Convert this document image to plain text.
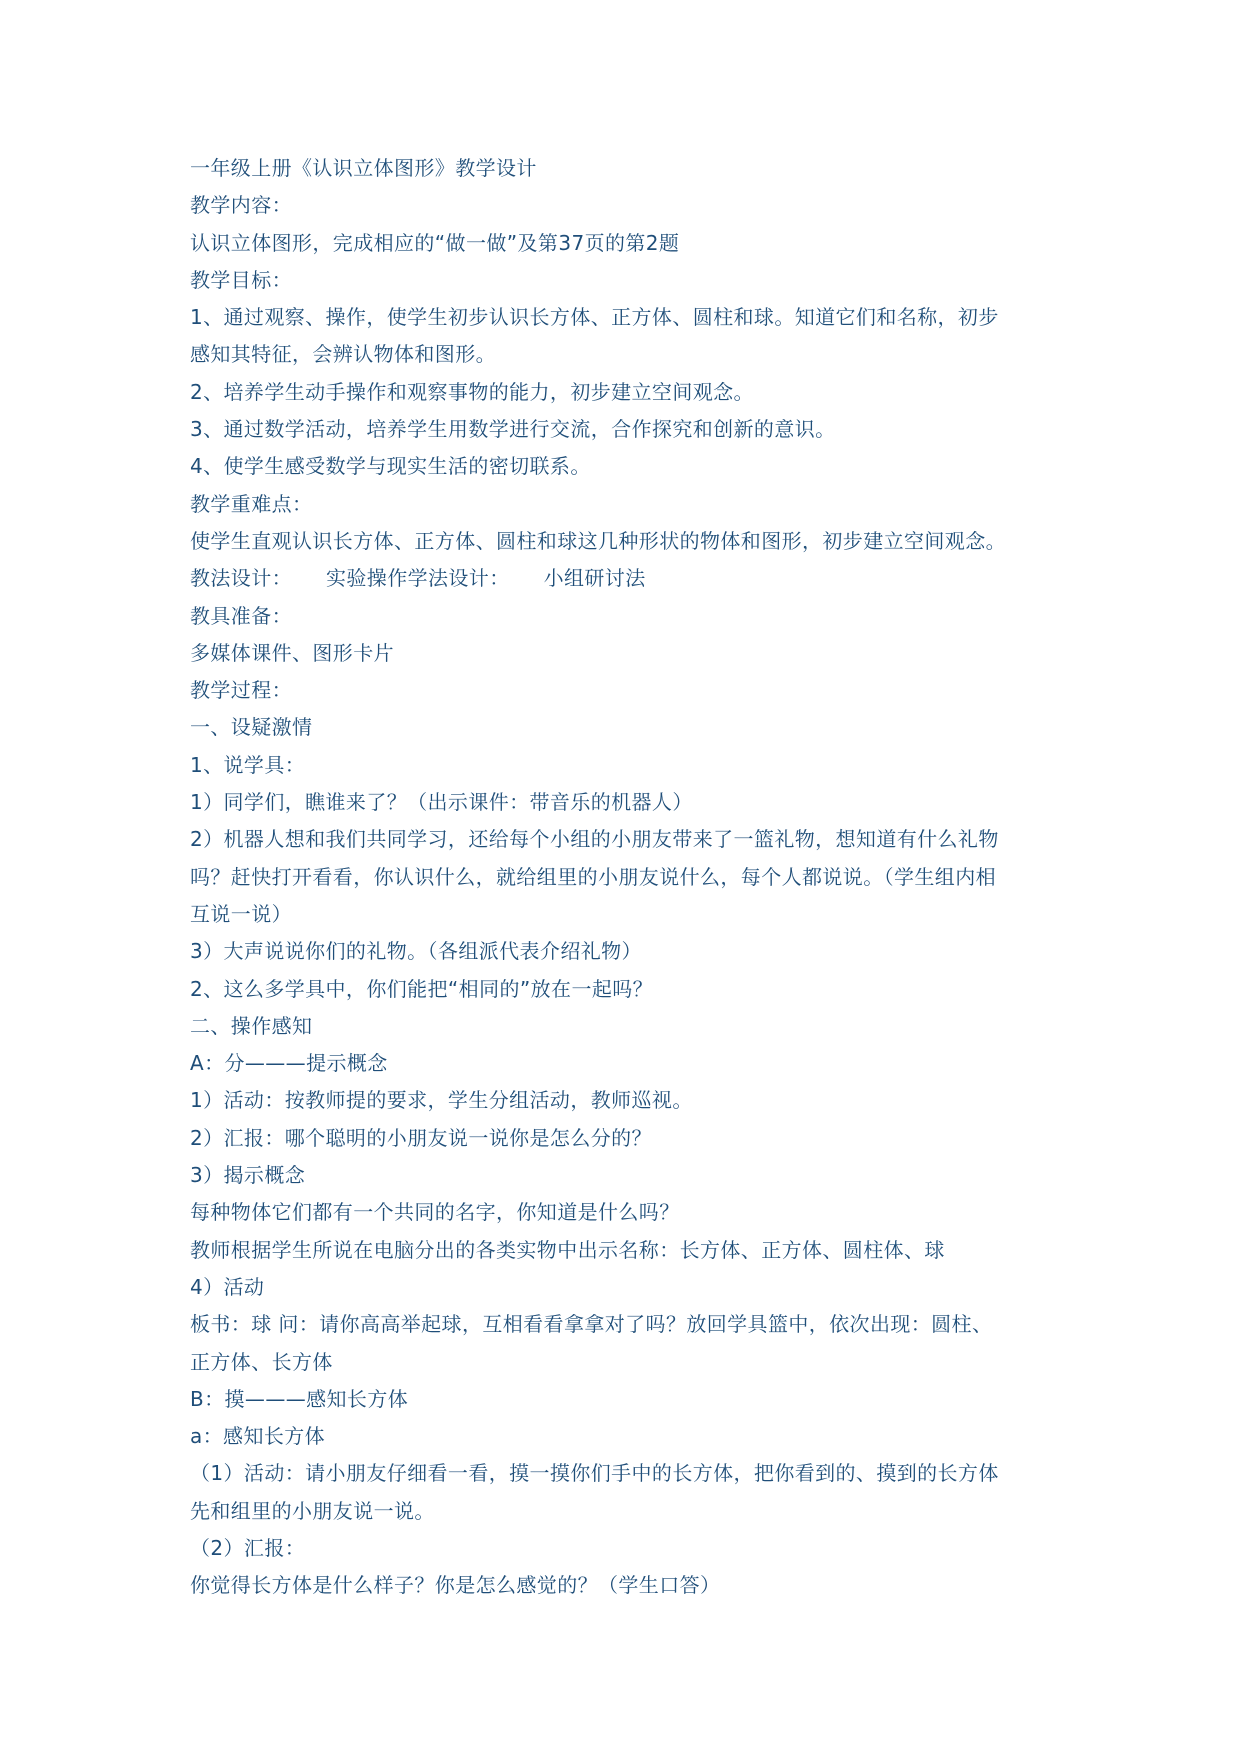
一年级上册《认识立体图形》教学设计
教学内容：
认识立体图形，完成相应的“做一做”及第37页的第2题
教学目标：
1、通过观察、操作，使学生初步认识长方体、正方体、圆柱和球。知道它们和名称，初步
感知其特征，会辨认物体和图形。
2、培养学生动手操作和观察事物的能力，初步建立空间观念。
3、通过数学活动，培养学生用数学进行交流，合作探究和创新的意识。
4、使学生感受数学与现实生活的密切联系。
教学重难点：
使学生直观认识长方体、正方体、圆柱和球这几种形状的物体和图形，初步建立空间观念。
教法设计： 实验操作学法设计： 小组研讨法
教具准备：
多媒体课件、图形卡片
教学过程：
一、设疑激情
1、说学具：
1）同学们，瞧谁来了？（出示课件：带音乐的机器人）
2）机器人想和我们共同学习，还给每个小组的小朋友带来了一篮礼物，想知道有什么礼物
吗？赶快打开看看，你认识什么，就给组里的小朋友说什么，每个人都说说。（学生组内相
互说一说）
3）大声说说你们的礼物。（各组派代表介绍礼物）
2、这么多学具中，你们能把“相同的”放在一起吗？
二、操作感知
A：分———提示概念
1）活动：按教师提的要求，学生分组活动，教师巡视。
2）汇报：哪个聪明的小朋友说一说你是怎么分的？
3）揭示概念
每种物体它们都有一个共同的名字，你知道是什么吗？
教师根据学生所说在电脑分出的各类实物中出示名称：长方体、正方体、圆柱体、球
4）活动
板书：球 问：请你高高举起球，互相看看拿拿对了吗？放回学具篮中，依次出现：圆柱、
正方体、长方体
B：摸———感知长方体
a：感知长方体
（1）活动：请小朋友仔细看一看，摸一摸你们手中的长方体，把你看到的、摸到的长方体
先和组里的小朋友说一说。
（2）汇报：
你觉得长方体是什么样子？你是怎么感觉的？（学生口答）
